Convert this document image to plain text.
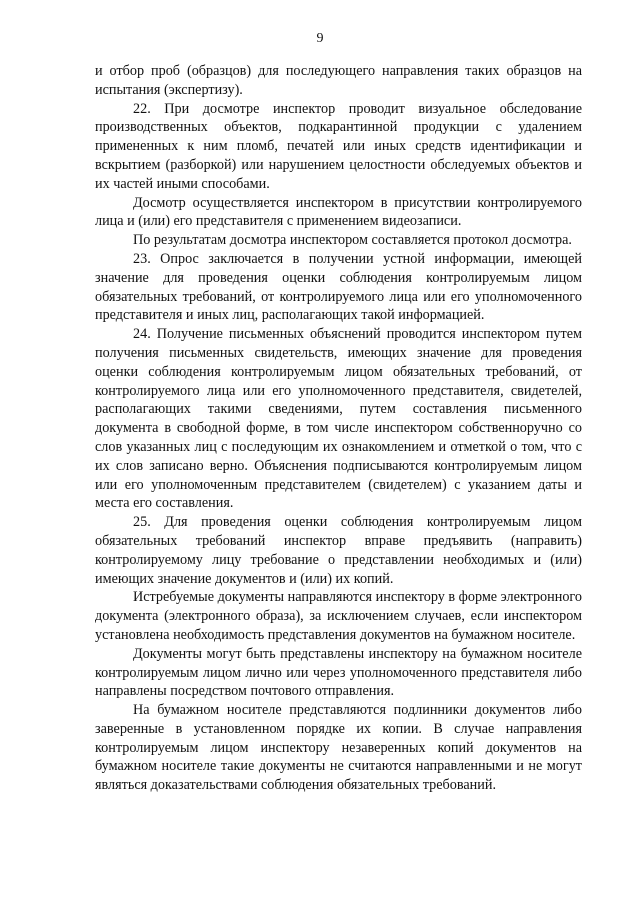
9

и отбор проб (образцов) для последующего направления таких образцов на испытания (экспертизу).

22. При досмотре инспектор проводит визуальное обследование производственных объектов, подкарантинной продукции с удалением примененных к ним пломб, печатей или иных средств идентификации и вскрытием (разборкой) или нарушением целостности обследуемых объектов и их частей иными способами.

Досмотр осуществляется инспектором в присутствии контролируемого лица и (или) его представителя с применением видеозаписи.

По результатам досмотра инспектором составляется протокол досмотра.

23. Опрос заключается в получении устной информации, имеющей значение для проведения оценки соблюдения контролируемым лицом обязательных требований, от контролируемого лица или его уполномоченного представителя и иных лиц, располагающих такой информацией.

24. Получение письменных объяснений проводится инспектором путем получения письменных свидетельств, имеющих значение для проведения оценки соблюдения контролируемым лицом обязательных требований, от контролируемого лица или его уполномоченного представителя, свидетелей, располагающих такими сведениями, путем составления письменного документа в свободной форме, в том числе инспектором собственноручно со слов указанных лиц с последующим их ознакомлением и отметкой о том, что с их слов записано верно. Объяснения подписываются контролируемым лицом или его уполномоченным представителем (свидетелем) с указанием даты и места его составления.

25. Для проведения оценки соблюдения контролируемым лицом обязательных требований инспектор вправе предъявить (направить) контролируемому лицу требование о представлении необходимых и (или) имеющих значение документов и (или) их копий.

Истребуемые документы направляются инспектору в форме электронного документа (электронного образа), за исключением случаев, если инспектором установлена необходимость представления документов на бумажном носителе.

Документы могут быть представлены инспектору на бумажном носителе контролируемым лицом лично или через уполномоченного представителя либо направлены посредством почтового отправления.

На бумажном носителе представляются подлинники документов либо заверенные в установленном порядке их копии. В случае направления контролируемым лицом инспектору незаверенных копий документов на бумажном носителе такие документы не считаются направленными и не могут являться доказательствами соблюдения обязательных требований.
